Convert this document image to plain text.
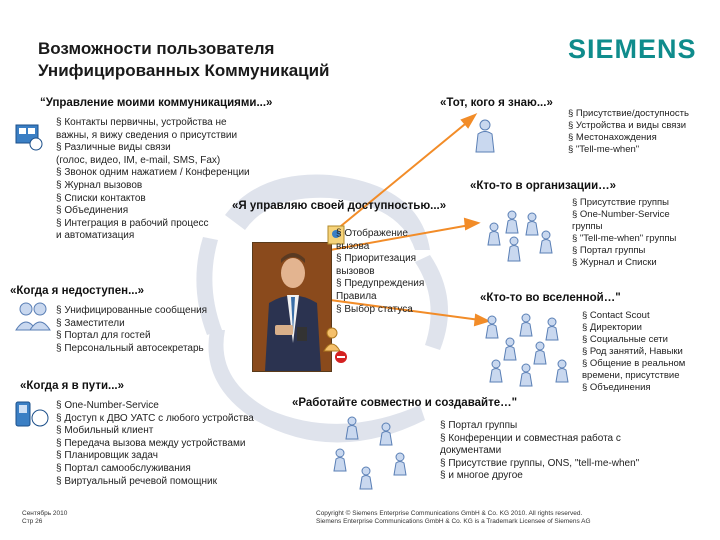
Возможности пользователя
Унифицированных Коммуникаций
SIEMENS
“Управление моими коммуникациями...»
§ Контакты первичны, устройства не
важны, я вижу сведения о присутствии
§ Различные виды связи
(голос, видео, IM, e-mail, SMS, Fax)
§ Звонок одним нажатием / Конференции
§ Журнал вызовов
§ Списки контактов
§ Объединения
§ Интеграция в рабочий процесс
и автоматизация
«Когда я недоступен...»
§ Унифицированные сообщения
§ Заместители
§ Портал для гостей
§ Персональный автосекретарь
«Когда я в пути...»
§ One-Number-Service
§ Доступ к ДВО УАТС с любого устройства
§ Мобильный клиент
§ Передача вызова между устройствами
§ Планировщик задач
§ Портал самообслуживания
§ Виртуальный речевой помощник
«Я управляю своей доступностью...»
§ Отображение
вызова
§ Приоритезация
вызовов
§ Предупреждения
Правила
§ Выбор статуса
«Тот, кого я знаю...»
§ Присутствие/доступность
§ Устройства и виды связи
§ Местонахождения
§ "Tell-me-when"
«Кто-то в организации…»
§ Присутствие группы
§ One-Number-Service
группы
§ "Tell-me-when" группы
§ Портал группы
§ Журнал и Списки
«Кто-то во вселенной…"
§ Contact Scout
§ Директории
§ Социальные сети
§ Род занятий, Навыки
§ Общение в реальном
времени, присутствие
§ Объединения
«Работайте совместно и создавайте…"
§ Портал группы
§ Конференции и совместная работа с
документами
§ Присутствие группы, ONS, "tell-me-when"
§ и многое другое
Сентябрь 2010
Стр 26
Copyright © Siemens Enterprise Communications GmbH & Co. KG 2010. All rights reserved.
Siemens Enterprise Communications GmbH & Co. KG is a Trademark Licensee of Siemens AG
